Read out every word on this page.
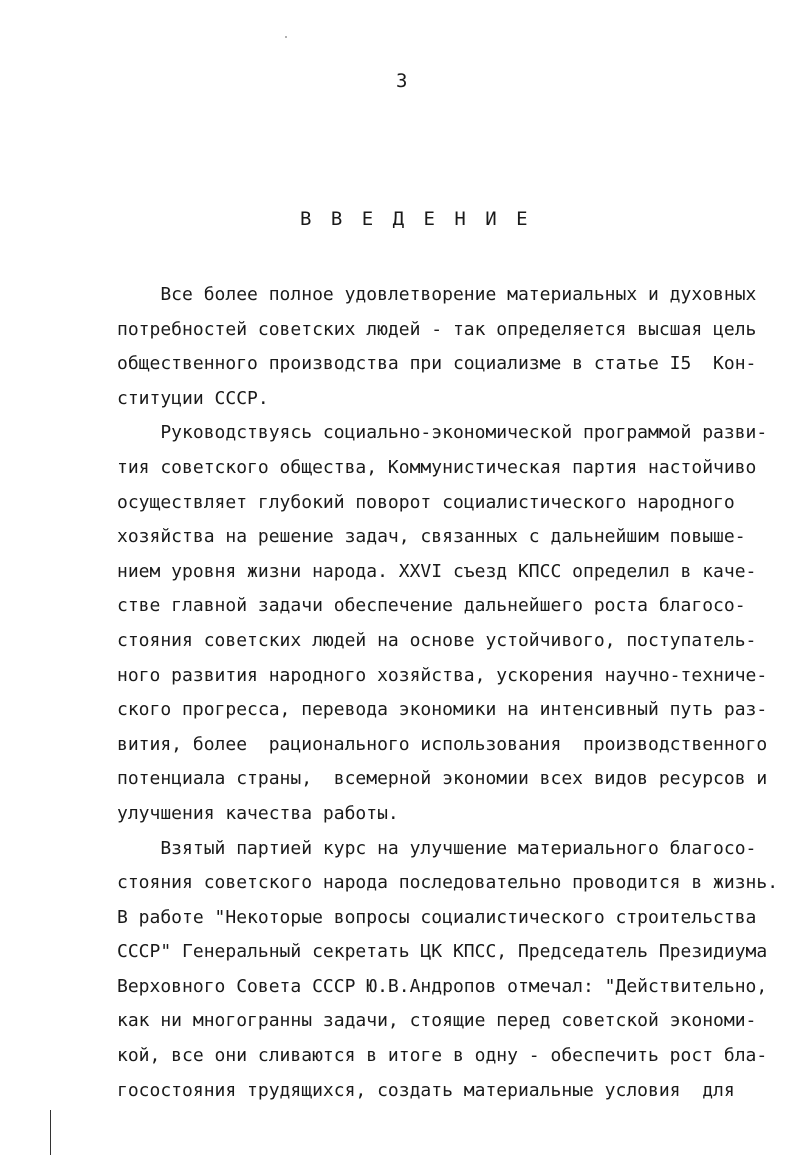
3
В В Е Д Е Н И Е
Все более полное удовлетворение материальных и духовных
потребностей советских людей - так определяется высшая цель
общественного производства при социализме в статье I5  Кон-
ституции СССР.
Руководствуясь социально-экономической программой разви-
тия советского общества, Коммунистическая партия настойчиво
осуществляет глубокий поворот социалистического народного
хозяйства на решение задач, связанных с дальнейшим повыше-
нием уровня жизни народа. XXVI съезд КПСС определил в каче-
стве главной задачи обеспечение дальнейшего роста благосо-
стояния советских людей на основе устойчивого, поступатель-
ного развития народного хозяйства, ускорения научно-техниче-
ского прогресса, перевода экономики на интенсивный путь раз-
вития, более  рационального использования  производственного
потенциала страны,  всемерной экономии всех видов ресурсов и
улучшения качества работы.
Взятый партией курс на улучшение материального благосо-
стояния советского народа последовательно проводится в жизнь.
В работе "Некоторые вопросы социалистического строительства
СССР" Генеральный секретать ЦК КПСС, Председатель Президиума
Верховного Совета СССР Ю.В.Андропов отмечал: "Действительно,
как ни многогранны задачи, стоящие перед советской экономи-
кой, все они сливаются в итоге в одну - обеспечить рост бла-
госостояния трудящихся, создать материальные условия  для
